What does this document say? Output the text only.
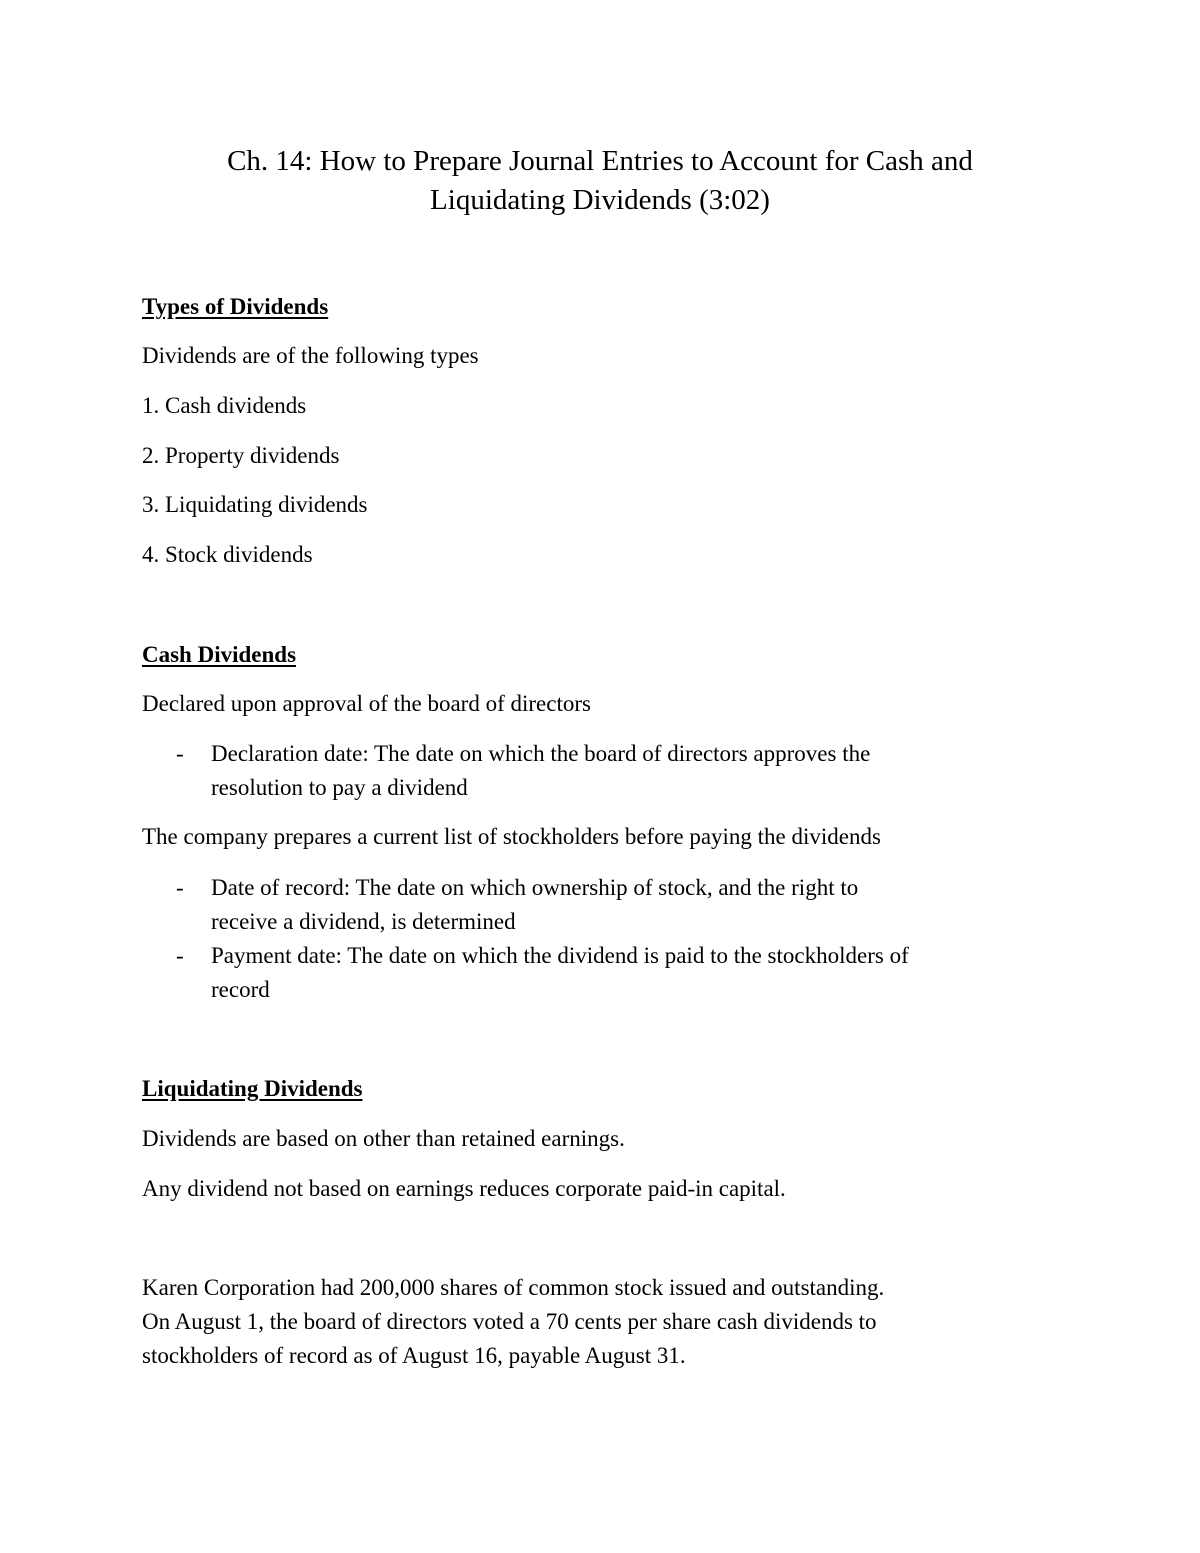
Ch. 14: How to Prepare Journal Entries to Account for Cash and
Liquidating Dividends (3:02)
Types of Dividends
Dividends are of the following types
1. Cash dividends
2. Property dividends
3. Liquidating dividends
4. Stock dividends
Cash Dividends
Declared upon approval of the board of directors
- Declaration date: The date on which the board of directors approves the
resolution to pay a dividend
The company prepares a current list of stockholders before paying the dividends
- Date of record: The date on which ownership of stock, and the right to
receive a dividend, is determined
- Payment date: The date on which the dividend is paid to the stockholders of
record
Liquidating Dividends
Dividends are based on other than retained earnings.
Any dividend not based on earnings reduces corporate paid-in capital.
Karen Corporation had 200,000 shares of common stock issued and outstanding.
On August 1, the board of directors voted a 70 cents per share cash dividends to
stockholders of record as of August 16, payable August 31.
